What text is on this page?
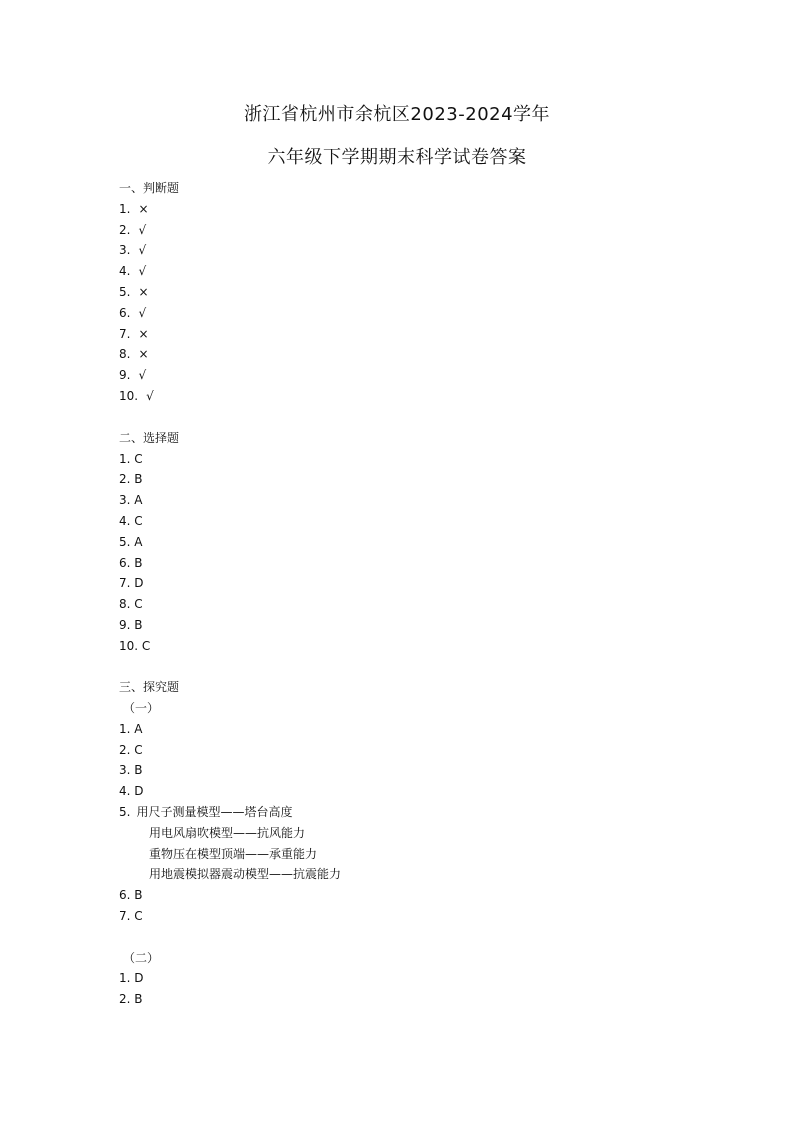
浙江省杭州市余杭区2023-2024学年
六年级下学期期末科学试卷答案
一、判断题
1. ×
2. √
3. √
4. √
5. ×
6. √
7. ×
8. ×
9. √
10. √
二、选择题
1. C
2. B
3. A
4. C
5. A
6. B
7. D
8. C
9. B
10. C
三、探究题
（一）
1. A
2. C
3. B
4. D
5. 用尺子测量模型——塔台高度
用电风扇吹模型——抗风能力
重物压在模型顶端——承重能力
用地震模拟器震动模型——抗震能力
6. B
7. C
（二）
1. D
2. B
